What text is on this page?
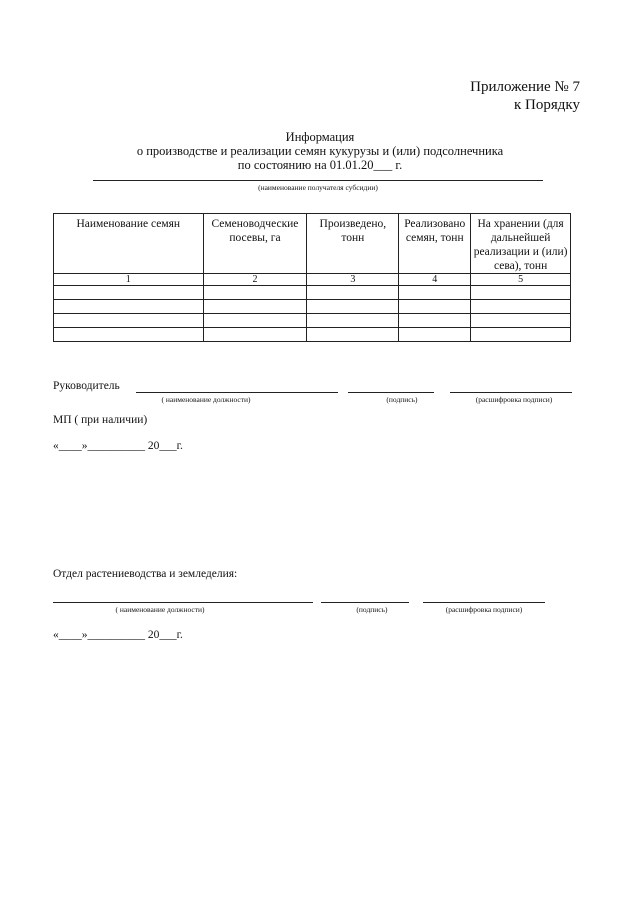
Приложение № 7
к Порядку
Информация
о производстве и реализации семян кукурузы и (или) подсолнечника
по состоянию на 01.01.20___ г.
(наименование получателя субсидии)
Наименование семян	Семеноводческие посевы, га	Произведено, тонн	Реализовано семян, тонн	На хранении (для дальнейшей реализации и (или) сева), тонн
1	2	3	4	5

Руководитель
( наименование должности)	(подпись)	(расшифровка подписи)
МП ( при наличии)
«____»__________ 20___г.
Отдел растениеводства и земледелия:
( наименование должности)	(подпись)	(расшифровка подписи)
«____»__________ 20___г.
